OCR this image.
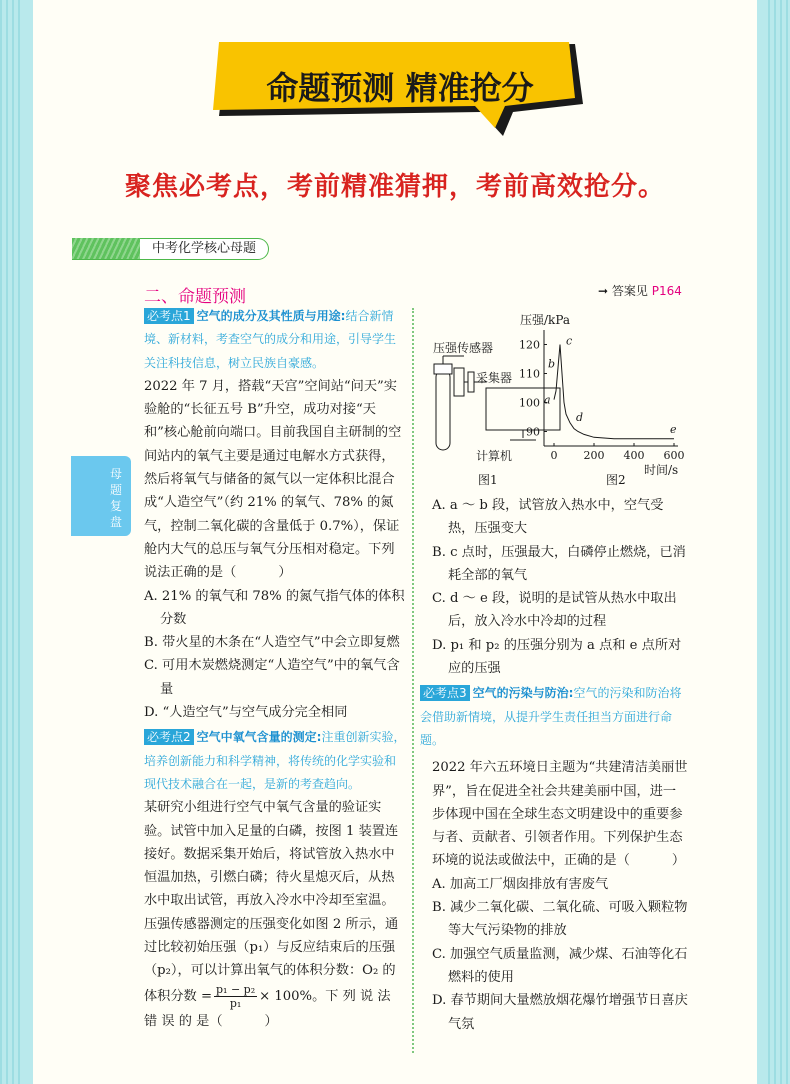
命题预测 精准抢分
聚焦必考点，考前精准猜押，考前高效抢分。
中考化学核心母题
二、命题预测	➞ 答案见 P164
母
题
复
盘

必考点1 空气的成分及其性质与用途:结合新情境、新材料，考查空气的成分和用途，引导学生关注科技信息，树立民族自豪感。

2022 年 7 月，搭载“天宫”空间站“问天”实验舱的“长征五号 B”升空，成功对接“天和”核心舱前向端口。目前我国自主研制的空间站内的氧气主要是通过电解水方式获得，然后将氧气与储备的氮气以一定体积比混合成“人造空气”（约 21% 的氧气、78% 的氮气，控制二氧化碳的含量低于 0.7%），保证舱内大气的总压与氧气分压相对稳定。下列说法正确的是（	）

A. 21% 的氧气和 78% 的氮气指气体的体积分数

B. 带火星的木条在“人造空气”中会立即复燃

C. 可用木炭燃烧测定“人造空气”中的氧气含量

D. “人造空气”与空气成分完全相同

必考点2 空气中氧气含量的测定:注重创新实验，培养创新能力和科学精神，将传统的化学实验和现代技术融合在一起，是新的考查趋向。

某研究小组进行空气中氧气含量的验证实验。试管中加入足量的白磷，按图 1 装置连接好。数据采集开始后，将试管放入热水中恒温加热，引燃白磷；待火星熄灭后，从热水中取出试管，再放入冷水中冷却至室温。压强传感器测定的压强变化如图 2 所示，通过比较初始压强（p₁）与反应结束后的压强（p₂），可以计算出氧气的体积分数：O₂ 的体积分数 = $\frac{\text{p₁ − p₂}}{\text{p₁}} \times 100\%$。下 列 说 法 错 误 的 是（	）

压强传感器
采集器
计算机
图1
压强/kPa
120
110
100
90
0 200 400 600
a
b
c
d
e
时间/s
图2

A. a ～ b 段，试管放入热水中，空气受热，压强变大

B. c 点时，压强最大，白磷停止燃烧，已消耗全部的氧气

C. d ～ e 段，说明的是试管从热水中取出后，放入冷水中冷却的过程

D. p₁ 和 p₂ 的压强分别为 a 点和 e 点所对应的压强

必考点3 空气的污染与防治:空气的污染和防治将会借助新情境，从提升学生责任担当方面进行命题。

2022 年六五环境日主题为“共建清洁美丽世界”，旨在促进全社会共建美丽中国，进一步体现中国在全球生态文明建设中的重要参与者、贡献者、引领者作用。下列保护生态环境的说法或做法中，正确的是（	）

A. 加高工厂烟囱排放有害废气

B. 减少二氧化碳、二氧化硫、可吸入颗粒物等大气污染物的排放

C. 加强空气质量监测，减少煤、石油等化石燃料的使用

D. 春节期间大量燃放烟花爆竹增强节日喜庆气氛
